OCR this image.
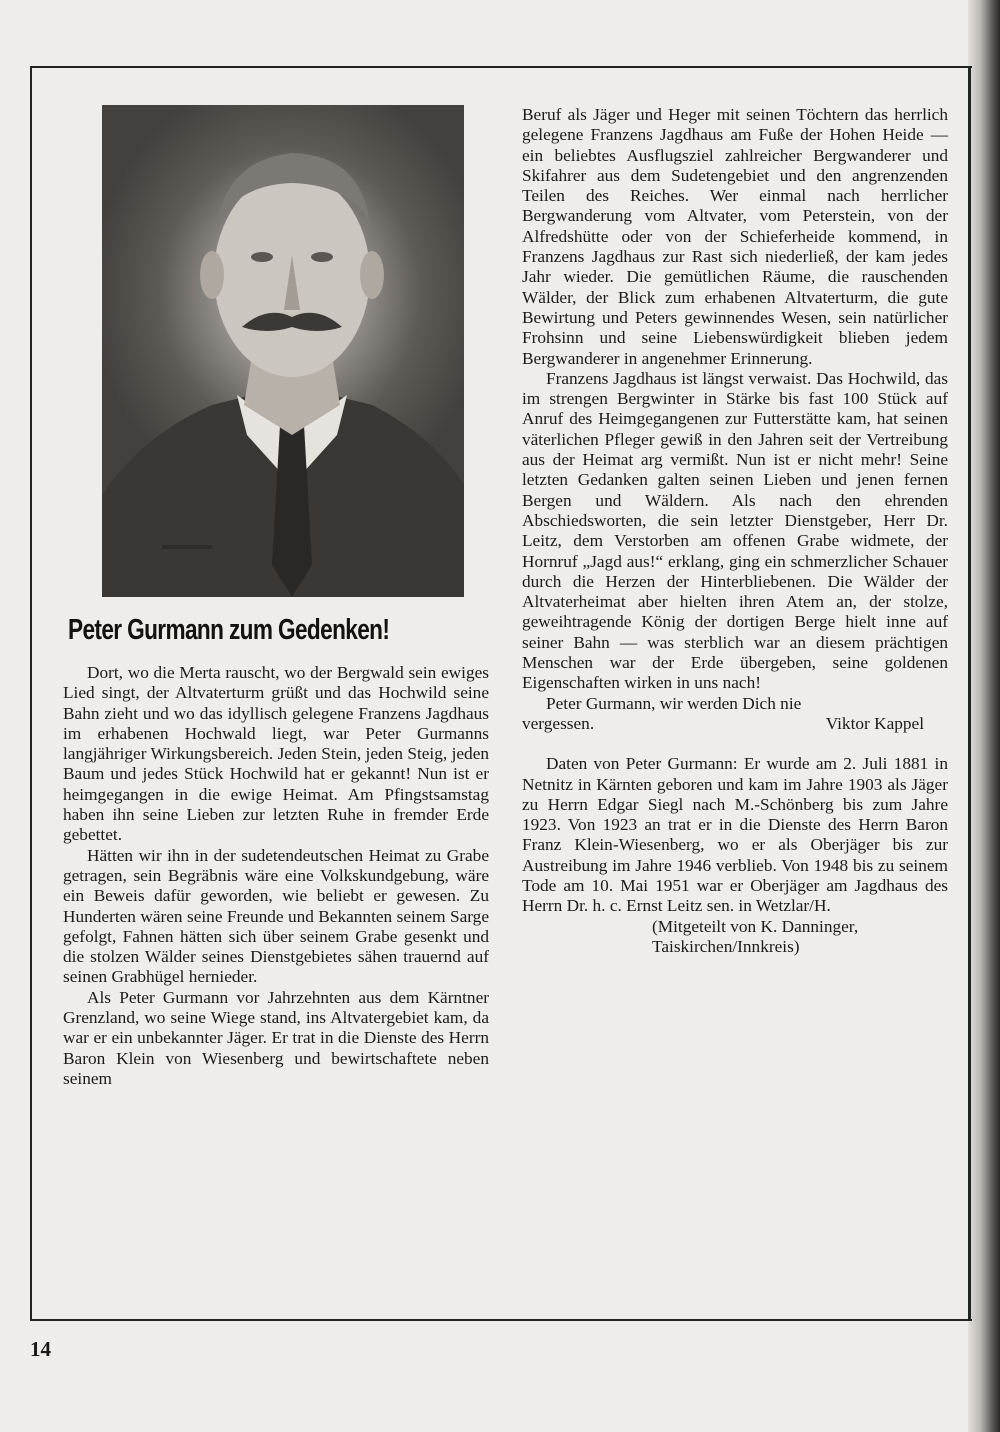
Peter Gurmann zum Gedenken!

Dort, wo die Merta rauscht, wo der Bergwald sein ewiges Lied singt, der Altvaterturm grüßt und das Hochwild seine Bahn zieht und wo das idyllisch gelegene Franzens Jagdhaus im erhabenen Hochwald liegt, war Peter Gurmanns langjähriger Wirkungsbereich. Jeden Stein, jeden Steig, jeden Baum und jedes Stück Hochwild hat er gekannt! Nun ist er heimgegangen in die ewige Heimat. Am Pfingstsamstag haben ihn seine Lieben zur letzten Ruhe in fremder Erde gebettet.

Hätten wir ihn in der sudetendeutschen Heimat zu Grabe getragen, sein Begräbnis wäre eine Volkskundgebung, wäre ein Beweis dafür geworden, wie beliebt er gewesen. Zu Hunderten wären seine Freunde und Bekannten seinem Sarge gefolgt, Fahnen hätten sich über seinem Grabe gesenkt und die stolzen Wälder seines Dienstgebietes sähen trauernd auf seinen Grabhügel hernieder.

Als Peter Gurmann vor Jahrzehnten aus dem Kärntner Grenzland, wo seine Wiege stand, ins Altvatergebiet kam, da war er ein unbekannter Jäger. Er trat in die Dienste des Herrn Baron Klein von Wiesenberg und bewirtschaftete neben seinem

Beruf als Jäger und Heger mit seinen Töchtern das herrlich gelegene Franzens Jagdhaus am Fuße der Hohen Heide — ein beliebtes Ausflugsziel zahlreicher Bergwanderer und Skifahrer aus dem Sudetengebiet und den angrenzenden Teilen des Reiches. Wer einmal nach herrlicher Bergwanderung vom Altvater, vom Peterstein, von der Alfredshütte oder von der Schieferheide kommend, in Franzens Jagdhaus zur Rast sich niederließ, der kam jedes Jahr wieder. Die gemütlichen Räume, die rauschenden Wälder, der Blick zum erhabenen Altvaterturm, die gute Bewirtung und Peters gewinnendes Wesen, sein natürlicher Frohsinn und seine Liebenswürdigkeit blieben jedem Bergwanderer in angenehmer Erinnerung.

Franzens Jagdhaus ist längst verwaist. Das Hochwild, das im strengen Bergwinter in Stärke bis fast 100 Stück auf Anruf des Heimgegangenen zur Futterstätte kam, hat seinen väterlichen Pfleger gewiß in den Jahren seit der Vertreibung aus der Heimat arg vermißt. Nun ist er nicht mehr! Seine letzten Gedanken galten seinen Lieben und jenen fernen Bergen und Wäldern. Als nach den ehrenden Abschiedsworten, die sein letzter Dienstgeber, Herr Dr. Leitz, dem Verstorben am offenen Grabe widmete, der Hornruf „Jagd aus!“ erklang, ging ein schmerzlicher Schauer durch die Herzen der Hinterbliebenen. Die Wälder der Altvaterheimat aber hielten ihren Atem an, der stolze, geweihtragende König der dortigen Berge hielt inne auf seiner Bahn — was sterblich war an diesem prächtigen Menschen war der Erde übergeben, seine goldenen Eigenschaften wirken in uns nach!

Peter Gurmann, wir werden Dich nie

vergessen.	Viktor Kappel

Daten von Peter Gurmann: Er wurde am 2. Juli 1881 in Netnitz in Kärnten geboren und kam im Jahre 1903 als Jäger zu Herrn Edgar Siegl nach M.-Schönberg bis zum Jahre 1923. Von 1923 an trat er in die Dienste des Herrn Baron Franz Klein-Wiesenberg, wo er als Oberjäger bis zur Austreibung im Jahre 1946 verblieb. Von 1948 bis zu seinem Tode am 10. Mai 1951 war er Oberjäger am Jagdhaus des Herrn Dr. h. c. Ernst Leitz sen. in Wetzlar/H.

(Mitgeteilt von K. Danninger,
Taiskirchen/Innkreis)
14
